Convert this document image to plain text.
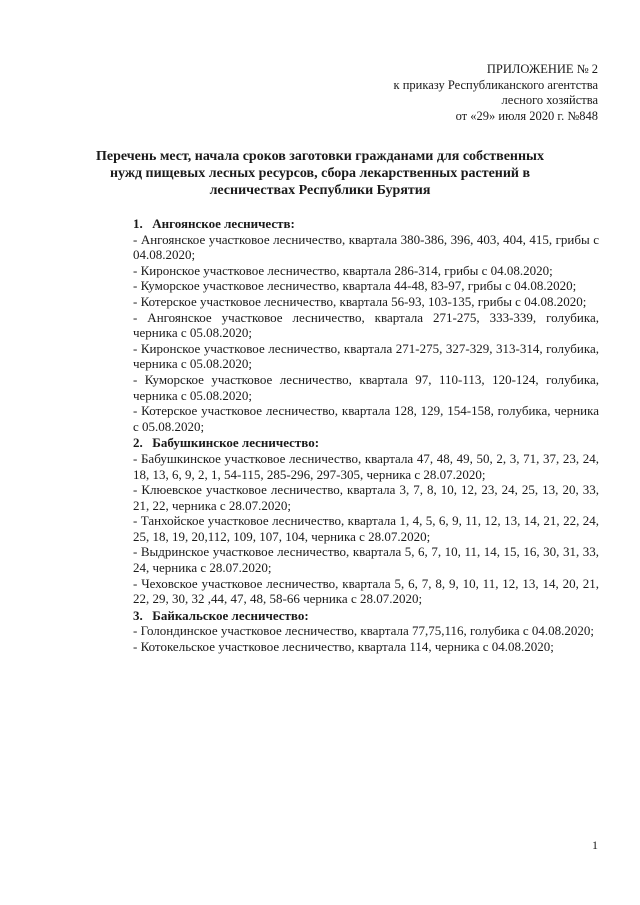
ПРИЛОЖЕНИЕ № 2
к приказу Республиканского агентства
лесного хозяйства
от «29» июля 2020 г. №848
Перечень мест, начала сроков заготовки гражданами для собственных нужд пищевых лесных ресурсов, сбора лекарственных растений в лесничествах Республики Бурятия
1. Ангоянское лесничеств:
- Ангоянское участковое лесничество, квартала 380-386, 396, 403, 404, 415, грибы с 04.08.2020;
- Киронское участковое лесничество, квартала 286-314, грибы с 04.08.2020;
- Куморское участковое лесничество, квартала 44-48, 83-97, грибы с 04.08.2020;
- Котерское участковое лесничество, квартала 56-93, 103-135, грибы с 04.08.2020;
- Ангоянское участковое лесничество, квартала 271-275, 333-339, голубика, черника с 05.08.2020;
- Киронское участковое лесничество, квартала 271-275, 327-329, 313-314, голубика, черника с 05.08.2020;
- Куморское участковое лесничество, квартала 97, 110-113, 120-124, голубика, черника с 05.08.2020;
- Котерское участковое лесничество, квартала 128, 129, 154-158, голубика, черника с 05.08.2020;
2. Бабушкинское лесничество:
- Бабушкинское участковое лесничество, квартала 47, 48, 49, 50, 2, 3, 71, 37, 23, 24, 18, 13, 6, 9, 2, 1, 54-115, 285-296, 297-305, черника с 28.07.2020;
- Клюевское участковое лесничество, квартала 3, 7, 8, 10, 12, 23, 24, 25, 13, 20, 33, 21, 22, черника с 28.07.2020;
- Танхойское участковое лесничество, квартала 1, 4, 5, 6, 9, 11, 12, 13, 14, 21, 22, 24, 25, 18, 19, 20,112, 109, 107, 104, черника с 28.07.2020;
- Выдринское участковое лесничество, квартала 5, 6, 7, 10, 11, 14, 15, 16, 30, 31, 33, 24, черника с 28.07.2020;
- Чеховское участковое лесничество, квартала 5, 6, 7, 8, 9, 10, 11, 12, 13, 14, 20, 21, 22, 29, 30, 32 ,44, 47, 48, 58-66 черника с 28.07.2020;
3. Байкальское лесничество:
- Голондинское участковое лесничество, квартала 77,75,116, голубика с 04.08.2020;
- Котокельское участковое лесничество, квартала 114, черника с 04.08.2020;
1
